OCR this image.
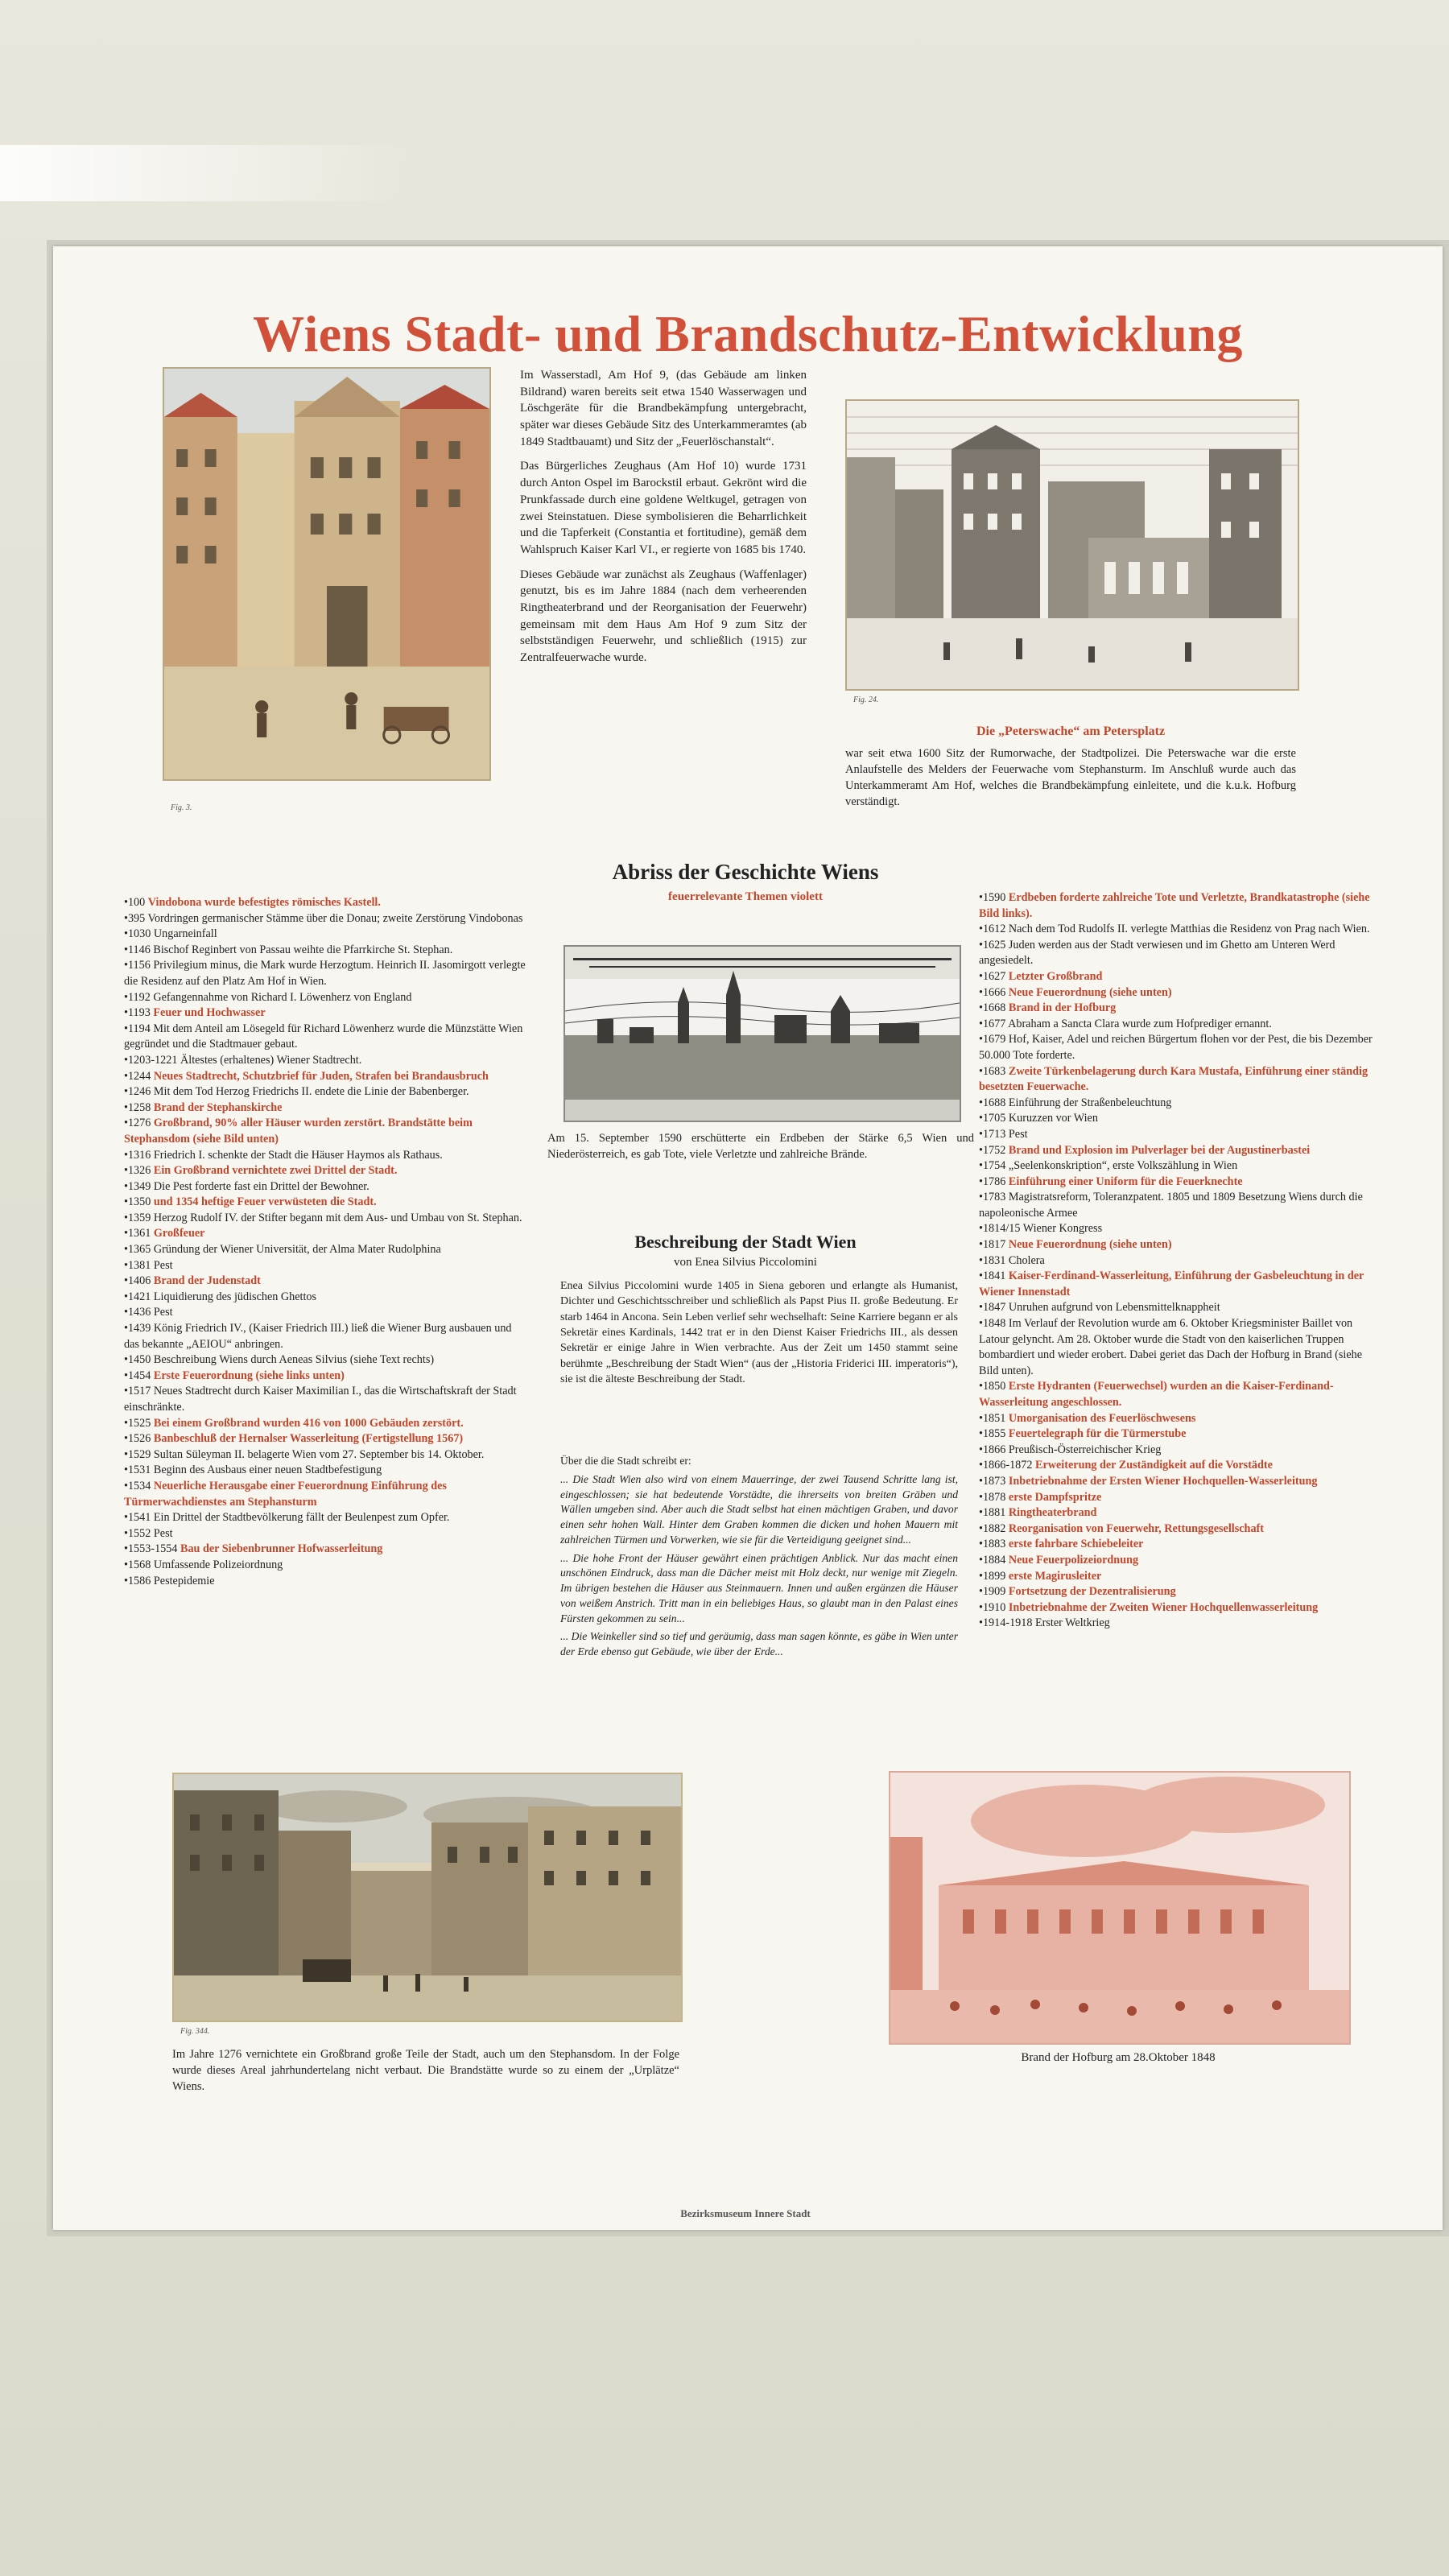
Wiens Stadt- und Brandschutz-Entwicklung
Fig. 3.

Im Wasserstadl, Am Hof 9, (das Gebäude am linken Bildrand) waren bereits seit etwa 1540 Wasserwagen und Löschgeräte für die Brandbekämpfung untergebracht, später war dieses Gebäude Sitz des Unterkammeramtes (ab 1849 Stadtbauamt) und Sitz der „Feuerlöschanstalt“.

Das Bürgerliches Zeughaus (Am Hof 10) wurde 1731 durch Anton Ospel im Barockstil erbaut. Gekrönt wird die Prunkfassade durch eine goldene Weltkugel, getragen von zwei Steinstatuen. Diese symbolisieren die Beharrlichkeit und die Tapferkeit (Constantia et fortitudine), gemäß dem Wahlspruch Kaiser Karl VI., er regierte von 1685 bis 1740.

Dieses Gebäude war zunächst als Zeughaus (Waffenlager) genutzt, bis es im Jahre 1884 (nach dem verheerenden Ringtheaterbrand und der Reorganisation der Feuerwehr) gemeinsam mit dem Haus Am Hof 9 zum Sitz der selbstständigen Feuerwehr, und schließlich (1915) zur Zentralfeuerwache wurde.

Fig. 24.
Die „Peterswache“ am Petersplatz
war seit etwa 1600 Sitz der Rumorwache, der Stadtpolizei. Die Peterswache war die erste Anlaufstelle des Melders der Feuerwache vom Stephansturm. Im Anschluß wurde auch das Unterkammeramt Am Hof, welches die Brandbekämpfung einleitete, und die k.u.k. Hofburg verständigt.
Abriss der Geschichte Wiens
feuerrelevante Themen violett
Am 15. September 1590 erschütterte ein Erdbeben der Stärke 6,5 Wien und Niederösterreich, es gab Tote, viele Verletzte und zahlreiche Brände.
Beschreibung der Stadt Wien
von Enea Silvius Piccolomini
Enea Silvius Piccolomini wurde 1405 in Siena geboren und erlangte als Humanist, Dichter und Geschichtsschreiber und schließlich als Papst Pius II. große Bedeutung. Er starb 1464 in Ancona. Sein Leben verlief sehr wechselhaft: Seine Karriere begann er als Sekretär eines Kardinals, 1442 trat er in den Dienst Kaiser Friedrichs III., als dessen Sekretär er einige Jahre in Wien verbrachte. Aus der Zeit um 1450 stammt seine berühmte „Beschreibung der Stadt Wien“ (aus der „Historia Friderici III. imperatoris“), sie ist die älteste Beschreibung der Stadt.

Über die die Stadt schreibt er:

... Die Stadt Wien also wird von einem Mauerringe, der zwei Tausend Schritte lang ist, eingeschlossen; sie hat bedeutende Vorstädte, die ihrerseits von breiten Gräben und Wällen umgeben sind. Aber auch die Stadt selbst hat einen mächtigen Graben, und davor einen sehr hohen Wall. Hinter dem Graben kommen die dicken und hohen Mauern mit zahlreichen Türmen und Vorwerken, wie sie für die Verteidigung geeignet sind...

... Die hohe Front der Häuser gewährt einen prächtigen Anblick. Nur das macht einen unschönen Eindruck, dass man die Dächer meist mit Holz deckt, nur wenige mit Ziegeln. Im übrigen bestehen die Häuser aus Steinmauern. Innen und außen ergänzen die Häuser von weißem Anstrich. Tritt man in ein beliebiges Haus, so glaubt man in den Palast eines Fürsten gekommen zu sein...

... Die Weinkeller sind so tief und geräumig, dass man sagen könnte, es gäbe in Wien unter der Erde ebenso gut Gebäude, wie über der Erde...

•100 Vindobona wurde befestigtes römisches Kastell.
•395 Vordringen germanischer Stämme über die Donau; zweite Zerstörung Vindobonas
•1030 Ungarneinfall
•1146 Bischof Reginbert von Passau weihte die Pfarrkirche St. Stephan.
•1156 Privilegium minus, die Mark wurde Herzogtum. Heinrich II. Jasomirgott verlegte die Residenz auf den Platz Am Hof in Wien.
•1192 Gefangennahme von Richard I. Löwenherz von England
•1193 Feuer und Hochwasser
•1194 Mit dem Anteil am Lösegeld für Richard Löwenherz wurde die Münzstätte Wien gegründet und die Stadtmauer gebaut.
•1203-1221 Ältestes (erhaltenes) Wiener Stadtrecht.
•1244 Neues Stadtrecht, Schutzbrief für Juden, Strafen bei Brandausbruch
•1246 Mit dem Tod Herzog Friedrichs II. endete die Linie der Babenberger.
•1258 Brand der Stephanskirche
•1276 Großbrand, 90% aller Häuser wurden zerstört. Brandstätte beim Stephansdom (siehe Bild unten)
•1316 Friedrich I. schenkte der Stadt die Häuser Haymos als Rathaus.
•1326 Ein Großbrand vernichtete zwei Drittel der Stadt.
•1349 Die Pest forderte fast ein Drittel der Bewohner.
•1350 und 1354 heftige Feuer verwüsteten die Stadt.
•1359 Herzog Rudolf IV. der Stifter begann mit dem Aus- und Umbau von St. Stephan.
•1361 Großfeuer
•1365 Gründung der Wiener Universität, der Alma Mater Rudolphina
•1381 Pest
•1406 Brand der Judenstadt
•1421 Liquidierung des jüdischen Ghettos
•1436 Pest
•1439 König Friedrich IV., (Kaiser Friedrich III.) ließ die Wiener Burg ausbauen und das bekannte „AEIOU“ anbringen.
•1450 Beschreibung Wiens durch Aeneas Silvius (siehe Text rechts)
•1454 Erste Feuerordnung (siehe links unten)
•1517 Neues Stadtrecht durch Kaiser Maximilian I., das die Wirtschaftskraft der Stadt einschränkte.
•1525 Bei einem Großbrand wurden 416 von 1000 Gebäuden zerstört.
•1526 Banbeschluß der Hernalser Wasserleitung (Fertigstellung 1567)
•1529 Sultan Süleyman II. belagerte Wien vom 27. September bis 14. Oktober.
•1531 Beginn des Ausbaus einer neuen Stadtbefestigung
•1534 Neuerliche Herausgabe einer Feuerordnung Einführung des Türmerwachdienstes am Stephansturm
•1541 Ein Drittel der Stadtbevölkerung fällt der Beulenpest zum Opfer.
•1552 Pest
•1553-1554 Bau der Siebenbrunner Hofwasserleitung
•1568 Umfassende Polizeiordnung
•1586 Pestepidemie
•1590 Erdbeben forderte zahlreiche Tote und Verletzte, Brandkatastrophe (siehe Bild links).
•1612 Nach dem Tod Rudolfs II. verlegte Matthias die Residenz von Prag nach Wien.
•1625 Juden werden aus der Stadt verwiesen und im Ghetto am Unteren Werd angesiedelt.
•1627 Letzter Großbrand
•1666 Neue Feuerordnung (siehe unten)
•1668 Brand in der Hofburg
•1677 Abraham a Sancta Clara wurde zum Hofprediger ernannt.
•1679 Hof, Kaiser, Adel und reichen Bürgertum flohen vor der Pest, die bis Dezember 50.000 Tote forderte.
•1683 Zweite Türkenbelagerung durch Kara Mustafa, Einführung einer ständig besetzten Feuerwache.
•1688 Einführung der Straßenbeleuchtung
•1705 Kuruzzen vor Wien
•1713 Pest
•1752 Brand und Explosion im Pulverlager bei der Augustinerbastei
•1754 „Seelenkonskription“, erste Volkszählung in Wien
•1786 Einführung einer Uniform für die Feuerknechte
•1783 Magistratsreform, Toleranzpatent. 1805 und 1809 Besetzung Wiens durch die napoleonische Armee
•1814/15 Wiener Kongress
•1817 Neue Feuerordnung (siehe unten)
•1831 Cholera
•1841 Kaiser-Ferdinand-Wasserleitung, Einführung der Gasbeleuchtung in der Wiener Innenstadt
•1847 Unruhen aufgrund von Lebensmittelknappheit
•1848 Im Verlauf der Revolution wurde am 6. Oktober Kriegsminister Baillet von Latour gelyncht. Am 28. Oktober wurde die Stadt von den kaiserlichen Truppen bombardiert und wieder erobert. Dabei geriet das Dach der Hofburg in Brand (siehe Bild unten).
•1850 Erste Hydranten (Feuerwechsel) wurden an die Kaiser-Ferdinand-Wasserleitung angeschlossen.
•1851 Umorganisation des Feuerlöschwesens
•1855 Feuertelegraph für die Türmerstube
•1866 Preußisch-Österreichischer Krieg
•1866-1872 Erweiterung der Zuständigkeit auf die Vorstädte
•1873 Inbetriebnahme der Ersten Wiener Hochquellen-Wasserleitung
•1878 erste Dampfspritze
•1881 Ringtheaterbrand
•1882 Reorganisation von Feuerwehr, Rettungsgesellschaft
•1883 erste fahrbare Schiebeleiter
•1884 Neue Feuerpolizeiordnung
•1899 erste Magirusleiter
•1909 Fortsetzung der Dezentralisierung
•1910 Inbetriebnahme der Zweiten Wiener Hochquellenwasserleitung
•1914-1918 Erster Weltkrieg
Fig. 344.
Im Jahre 1276 vernichtete ein Großbrand große Teile der Stadt, auch um den Stephansdom. In der Folge wurde dieses Areal jahrhundertelang nicht verbaut. Die Brandstätte wurde so zu einem der „Urplätze“ Wiens.
Brand der Hofburg am 28.Oktober 1848
Bezirksmuseum Innere Stadt
